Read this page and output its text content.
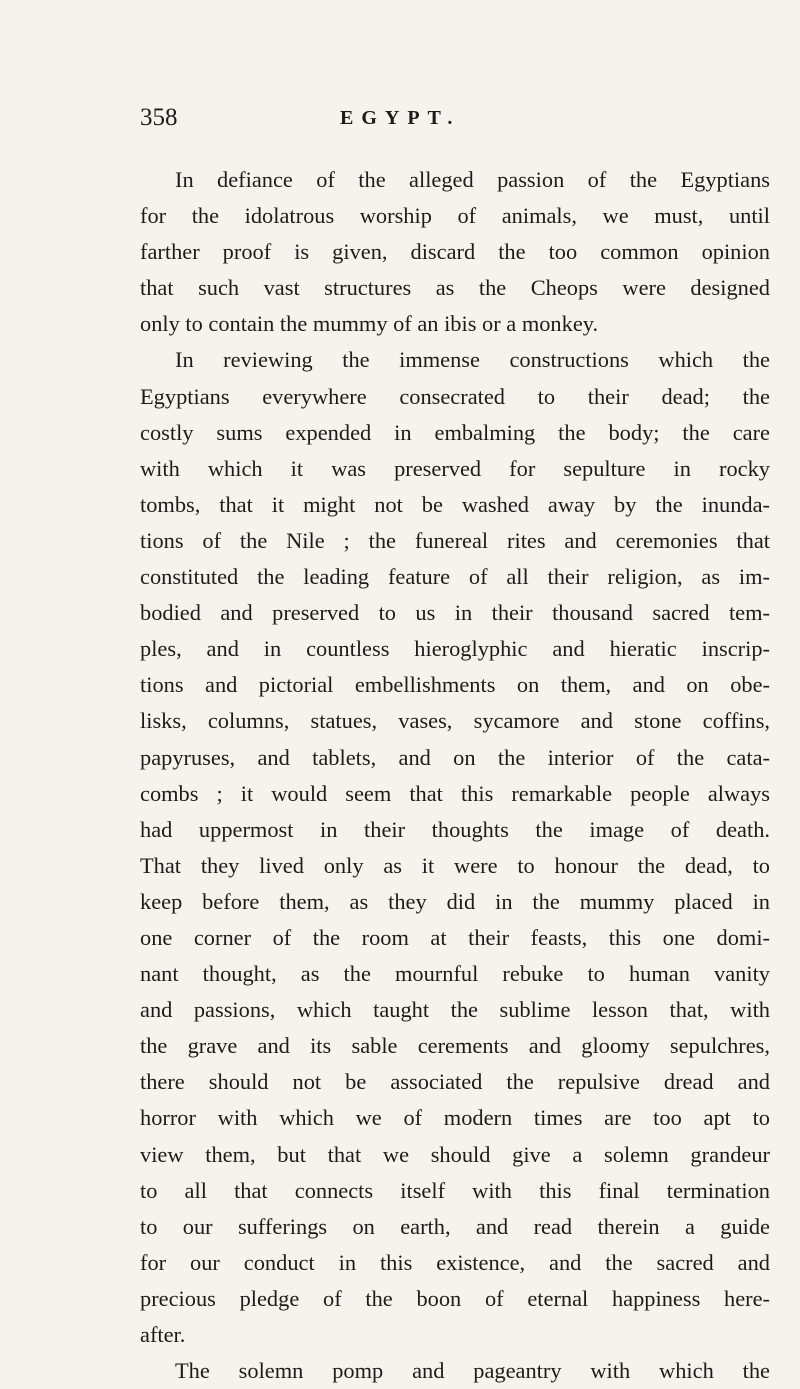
358	EGYPT.
In defiance of the alleged passion of the Egyptians
for the idolatrous worship of animals, we must, until
farther proof is given, discard the too common opinion
that such vast structures as the Cheops were designed
only to contain the mummy of an ibis or a monkey.
In reviewing the immense constructions which the
Egyptians everywhere consecrated to their dead; the
costly sums expended in embalming the body; the care
with which it was preserved for sepulture in rocky
tombs, that it might not be washed away by the inunda-
tions of the Nile ; the funereal rites and ceremonies that
constituted the leading feature of all their religion, as im-
bodied and preserved to us in their thousand sacred tem-
ples, and in countless hieroglyphic and hieratic inscrip-
tions and pictorial embellishments on them, and on obe-
lisks, columns, statues, vases, sycamore and stone coffins,
papyruses, and tablets, and on the interior of the cata-
combs ; it would seem that this remarkable people always
had uppermost in their thoughts the image of death.
That they lived only as it were to honour the dead, to
keep before them, as they did in the mummy placed in
one corner of the room at their feasts, this one domi-
nant thought, as the mournful rebuke to human vanity
and passions, which taught the sublime lesson that, with
the grave and its sable cerements and gloomy sepulchres,
there should not be associated the repulsive dread and
horror with which we of modern times are too apt to
view them, but that we should give a solemn grandeur
to all that connects itself with this final termination
to our sufferings on earth, and read therein a guide
for our conduct in this existence, and the sacred and
precious pledge of the boon of eternal happiness here-
after.
The solemn pomp and pageantry with which the
